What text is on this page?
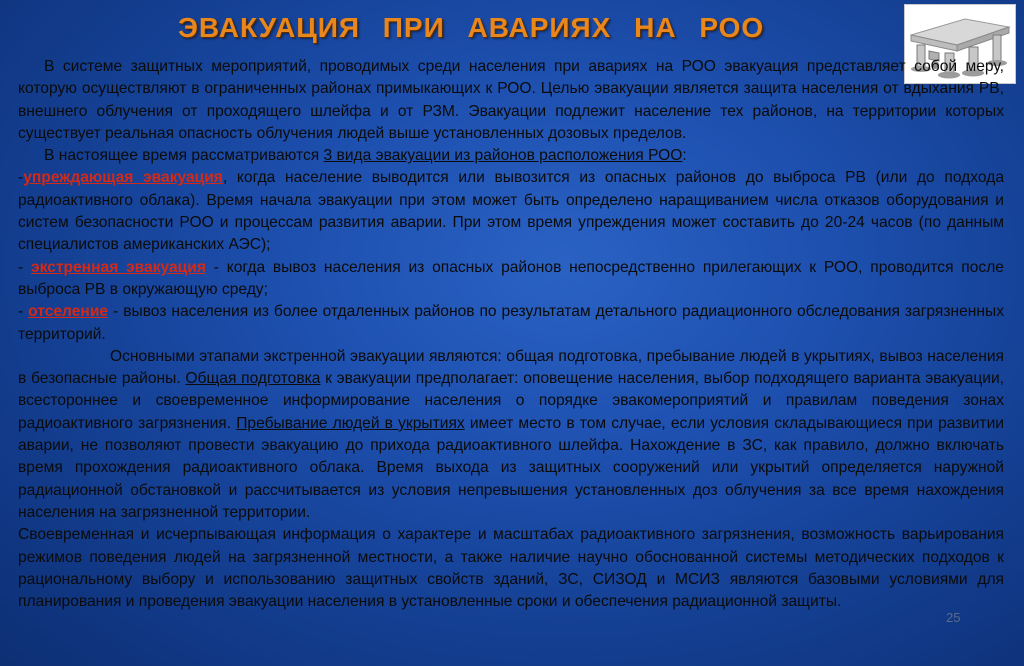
ЭВАКУАЦИЯ ПРИ АВАРИЯХ НА РОО

В системе защитных мероприятий, проводимых среди населения при авариях на РОО эвакуация представляет собой меру, которую осуществляют в ограниченных районах примыкающих к РОО. Целью эвакуации является защита населения от вдыхания РВ, внешнего облучения от проходящего шлейфа и от РЗМ. Эвакуации подлежит население тех районов, на территории которых существует реальная опасность облучения людей выше установленных дозовых пределов.

В настоящее время рассматриваются 3 вида эвакуации из районов расположения РОО:

-упреждающая эвакуация, когда население выводится или вывозится из опасных районов до выброса РВ (или до подхода радиоактивного облака). Время начала эвакуации при этом может быть определено наращиванием числа отказов оборудования и систем безопасности РОО и процессам развития аварии. При этом время упреждения может составить до 20-24 часов (по данным специалистов американских АЭС);

- экстренная эвакуация - когда вывоз населения из опасных районов непосредственно прилегающих к РОО, проводится после выброса РВ в окружающую среду;

- отселение - вывоз населения из более отдаленных районов по результатам детального радиационного обследования загрязненных территорий.

Основными этапами экстренной эвакуации являются: общая подготовка, пребывание людей в укрытиях, вывоз населения в безопасные районы. Общая подготовка к эвакуации предполагает: оповещение населения, выбор подходящего варианта эвакуации, всестороннее и своевременное информирование населения о порядке эвакомероприятий и правилам поведения зонах радиоактивного загрязнения. Пребывание людей в укрытиях имеет место в том случае, если условия складывающиеся при развитии аварии, не позволяют провести эвакуацию до прихода радиоактивного шлейфа. Нахождение в ЗС, как правило, должно включать время прохождения радиоактивного облака. Время выхода из защитных сооружений или укрытий определяется наружной радиационной обстановкой и рассчитывается из условия непревышения установленных доз облучения за все время нахождения населения на загрязненной территории.

Своевременная и исчерпывающая информация о характере и масштабах радиоактивного загрязнения, возможность варьирования режимов поведения людей на загрязненной местности, а также наличие научно обоснованной системы методических подходов к рациональному выбору и использованию защитных свойств зданий, ЗС, СИЗОД и МСИЗ являются базовыми условиями для планирования и проведения эвакуации населения в установленные сроки и обеспечения радиационной защиты.

25
